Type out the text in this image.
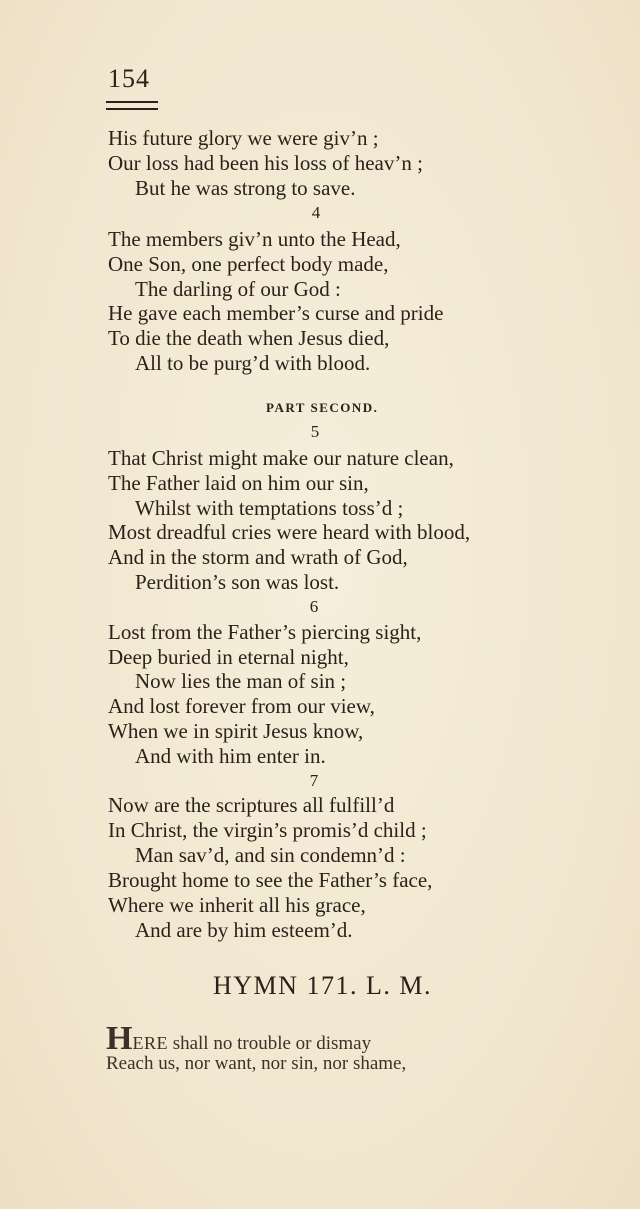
154
His future glory we were giv’n ;
Our loss had been his loss of heav’n ;
But he was strong to save.
4
The members giv’n unto the Head,
One Son, one perfect body made,
The darling of our God :
He gave each member’s curse and pride
To die the death when Jesus died,
All to be purg’d with blood.
PART SECOND.
5
That Christ might make our nature clean,
The Father laid on him our sin,
Whilst with temptations toss’d ;
Most dreadful cries were heard with blood,
And in the storm and wrath of God,
Perdition’s son was lost.
6
Lost from the Father’s piercing sight,
Deep buried in eternal night,
Now lies the man of sin ;
And lost forever from our view,
When we in spirit Jesus know,
And with him enter in.
7
Now are the scriptures all fulfill’d
In Christ, the virgin’s promis’d child ;
Man sav’d, and sin condemn’d :
Brought home to see the Father’s face,
Where we inherit all his grace,
And are by him esteem’d.
HYMN 171. L. M.
HERE shall no trouble or dismay
Reach us, nor want, nor sin, nor shame,
